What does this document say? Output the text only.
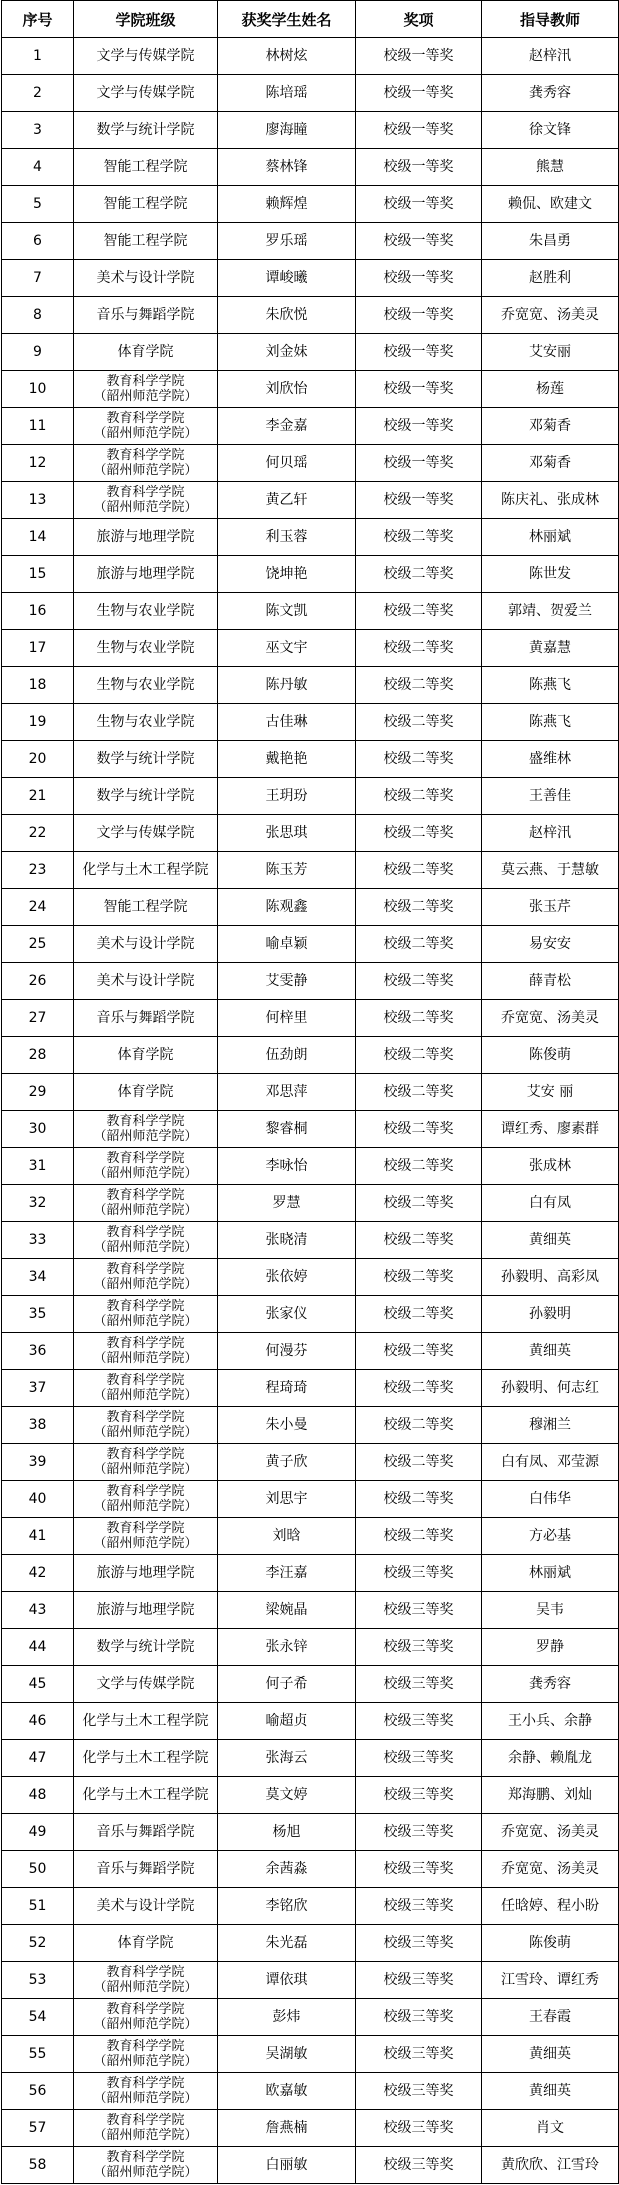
序号	学院班级	获奖学生姓名	奖项	指导教师
1	文学与传媒学院	林树炫	校级一等奖	赵梓汛
2	文学与传媒学院	陈培瑶	校级一等奖	龚秀容
3	数学与统计学院	廖海瞳	校级一等奖	徐文锋
4	智能工程学院	蔡林锋	校级一等奖	熊慧
5	智能工程学院	赖辉煌	校级一等奖	赖侃、欧建文
6	智能工程学院	罗乐瑶	校级一等奖	朱昌勇
7	美术与设计学院	谭峻曦	校级一等奖	赵胜利
8	音乐与舞蹈学院	朱欣悦	校级一等奖	乔宽宽、汤美灵
9	体育学院	刘金妹	校级一等奖	艾安丽
10	教育科学学院
（韶州师范学院）	刘欣怡	校级一等奖	杨莲
11	教育科学学院
（韶州师范学院）	李金嘉	校级一等奖	邓菊香
12	教育科学学院
（韶州师范学院）	何贝瑶	校级一等奖	邓菊香
13	教育科学学院
（韶州师范学院）	黄乙轩	校级一等奖	陈庆礼、张成林
14	旅游与地理学院	利玉蓉	校级二等奖	林丽斌
15	旅游与地理学院	饶坤艳	校级二等奖	陈世发
16	生物与农业学院	陈文凯	校级二等奖	郭靖、贺爱兰
17	生物与农业学院	巫文宇	校级二等奖	黄嘉慧
18	生物与农业学院	陈丹敏	校级二等奖	陈燕飞
19	生物与农业学院	古佳琳	校级二等奖	陈燕飞
20	数学与统计学院	戴艳艳	校级二等奖	盛维林
21	数学与统计学院	王玥玢	校级二等奖	王善佳
22	文学与传媒学院	张思琪	校级二等奖	赵梓汛
23	化学与土木工程学院	陈玉芳	校级二等奖	莫云燕、于慧敏
24	智能工程学院	陈观鑫	校级二等奖	张玉芹
25	美术与设计学院	喻卓颖	校级二等奖	易安安
26	美术与设计学院	艾雯静	校级二等奖	薛青松
27	音乐与舞蹈学院	何梓里	校级二等奖	乔宽宽、汤美灵
28	体育学院	伍劲朗	校级二等奖	陈俊萌
29	体育学院	邓思萍	校级二等奖	艾安 丽
30	教育科学学院
（韶州师范学院）	黎睿桐	校级二等奖	谭红秀、廖素群
31	教育科学学院
（韶州师范学院）	李咏怡	校级二等奖	张成林
32	教育科学学院
（韶州师范学院）	罗慧	校级二等奖	白有凤
33	教育科学学院
（韶州师范学院）	张晓清	校级二等奖	黄细英
34	教育科学学院
（韶州师范学院）	张依婷	校级二等奖	孙毅明、高彩凤
35	教育科学学院
（韶州师范学院）	张家仪	校级二等奖	孙毅明
36	教育科学学院
（韶州师范学院）	何漫芬	校级二等奖	黄细英
37	教育科学学院
（韶州师范学院）	程琦琦	校级二等奖	孙毅明、何志红
38	教育科学学院
（韶州师范学院）	朱小曼	校级二等奖	穆湘兰
39	教育科学学院
（韶州师范学院）	黄子欣	校级二等奖	白有凤、邓莹源
40	教育科学学院
（韶州师范学院）	刘思宇	校级二等奖	白伟华
41	教育科学学院
（韶州师范学院）	刘晗	校级二等奖	方必基
42	旅游与地理学院	李汪嘉	校级三等奖	林丽斌
43	旅游与地理学院	梁婉晶	校级三等奖	吴韦
44	数学与统计学院	张永锌	校级三等奖	罗静
45	文学与传媒学院	何子希	校级三等奖	龚秀容
46	化学与土木工程学院	喻超贞	校级三等奖	王小兵、余静
47	化学与土木工程学院	张海云	校级三等奖	余静、赖胤龙
48	化学与土木工程学院	莫文婷	校级三等奖	郑海鹏、刘灿
49	音乐与舞蹈学院	杨旭	校级三等奖	乔宽宽、汤美灵
50	音乐与舞蹈学院	余茜淼	校级三等奖	乔宽宽、汤美灵
51	美术与设计学院	李铭欣	校级三等奖	任晗婷、程小盼
52	体育学院	朱光磊	校级三等奖	陈俊萌
53	教育科学学院
（韶州师范学院）	谭依琪	校级三等奖	江雪玲、谭红秀
54	教育科学学院
（韶州师范学院）	彭炜	校级三等奖	王春霞
55	教育科学学院
（韶州师范学院）	吴湖敏	校级三等奖	黄细英
56	教育科学学院
（韶州师范学院）	欧嘉敏	校级三等奖	黄细英
57	教育科学学院
（韶州师范学院）	詹燕楠	校级三等奖	肖文
58	教育科学学院
（韶州师范学院）	白丽敏	校级三等奖	黄欣欣、江雪玲
